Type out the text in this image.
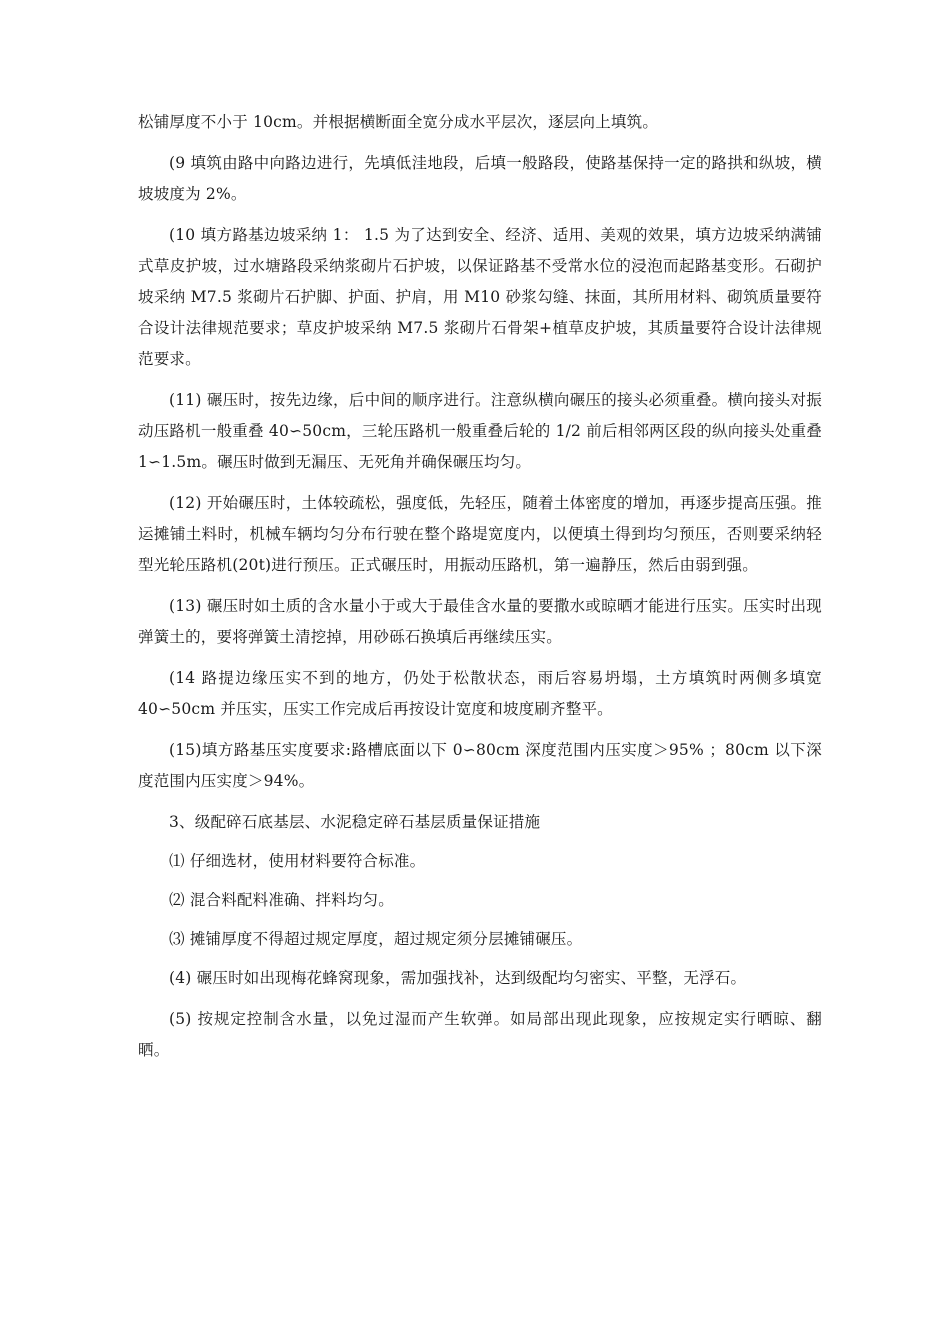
松铺厚度不小于 10cm。并根据横断面全宽分成水平层次，逐层向上填筑。

(9 填筑由路中向路边进行，先填低洼地段，后填一般路段，使路基保持一定的路拱和纵坡，横坡坡度为 2%。

(10 填方路基边坡采纳 1： 1.5 为了达到安全、经济、适用、美观的效果，填方边坡采纳满铺式草皮护坡，过水塘路段采纳浆砌片石护坡，以保证路基不受常水位的浸泡而起路基变形。石砌护坡采纳 M7.5 浆砌片石护脚、护面、护肩，用 M10 砂浆勾缝、抹面，其所用材料、砌筑质量要符合设计法律规范要求；草皮护坡采纳 M7.5 浆砌片石骨架+植草皮护坡，其质量要符合设计法律规范要求。

(11) 碾压时，按先边缘，后中间的顺序进行。注意纵横向碾压的接头必须重叠。横向接头对振动压路机一般重叠 40∽50cm，三轮压路机一般重叠后轮的 1/2 前后相邻两区段的纵向接头处重叠 1∽1.5m。碾压时做到无漏压、无死角并确保碾压均匀。

(12) 开始碾压时，土体较疏松，强度低，先轻压，随着土体密度的增加，再逐步提高压强。推运摊铺土料时，机械车辆均匀分布行驶在整个路堤宽度内，以便填土得到均匀预压，否则要采纳轻型光轮压路机(20t)进行预压。正式碾压时，用振动压路机，第一遍静压，然后由弱到强。

(13) 碾压时如土质的含水量小于或大于最佳含水量的要撒水或晾晒才能进行压实。压实时出现弹簧土的，要将弹簧土清挖掉，用砂砾石换填后再继续压实。

(14 路提边缘压实不到的地方，仍处于松散状态，雨后容易坍塌，土方填筑时两侧多填宽 40∽50cm 并压实，压实工作完成后再按设计宽度和坡度刷齐整平。

(15)填方路基压实度要求:路槽底面以下 0∽80cm 深度范围内压实度＞95% ；80cm 以下深度范围内压实度＞94%。

3、级配碎石底基层、水泥稳定碎石基层质量保证措施

⑴ 仔细选材，使用材料要符合标准。

⑵ 混合料配料准确、拌料均匀。

⑶ 摊铺厚度不得超过规定厚度，超过规定须分层摊铺碾压。

(4) 碾压时如出现梅花蜂窝现象，需加强找补，达到级配均匀密实、平整，无浮石。

(5) 按规定控制含水量，以免过湿而产生软弹。如局部出现此现象，应按规定实行晒晾、翻晒。
